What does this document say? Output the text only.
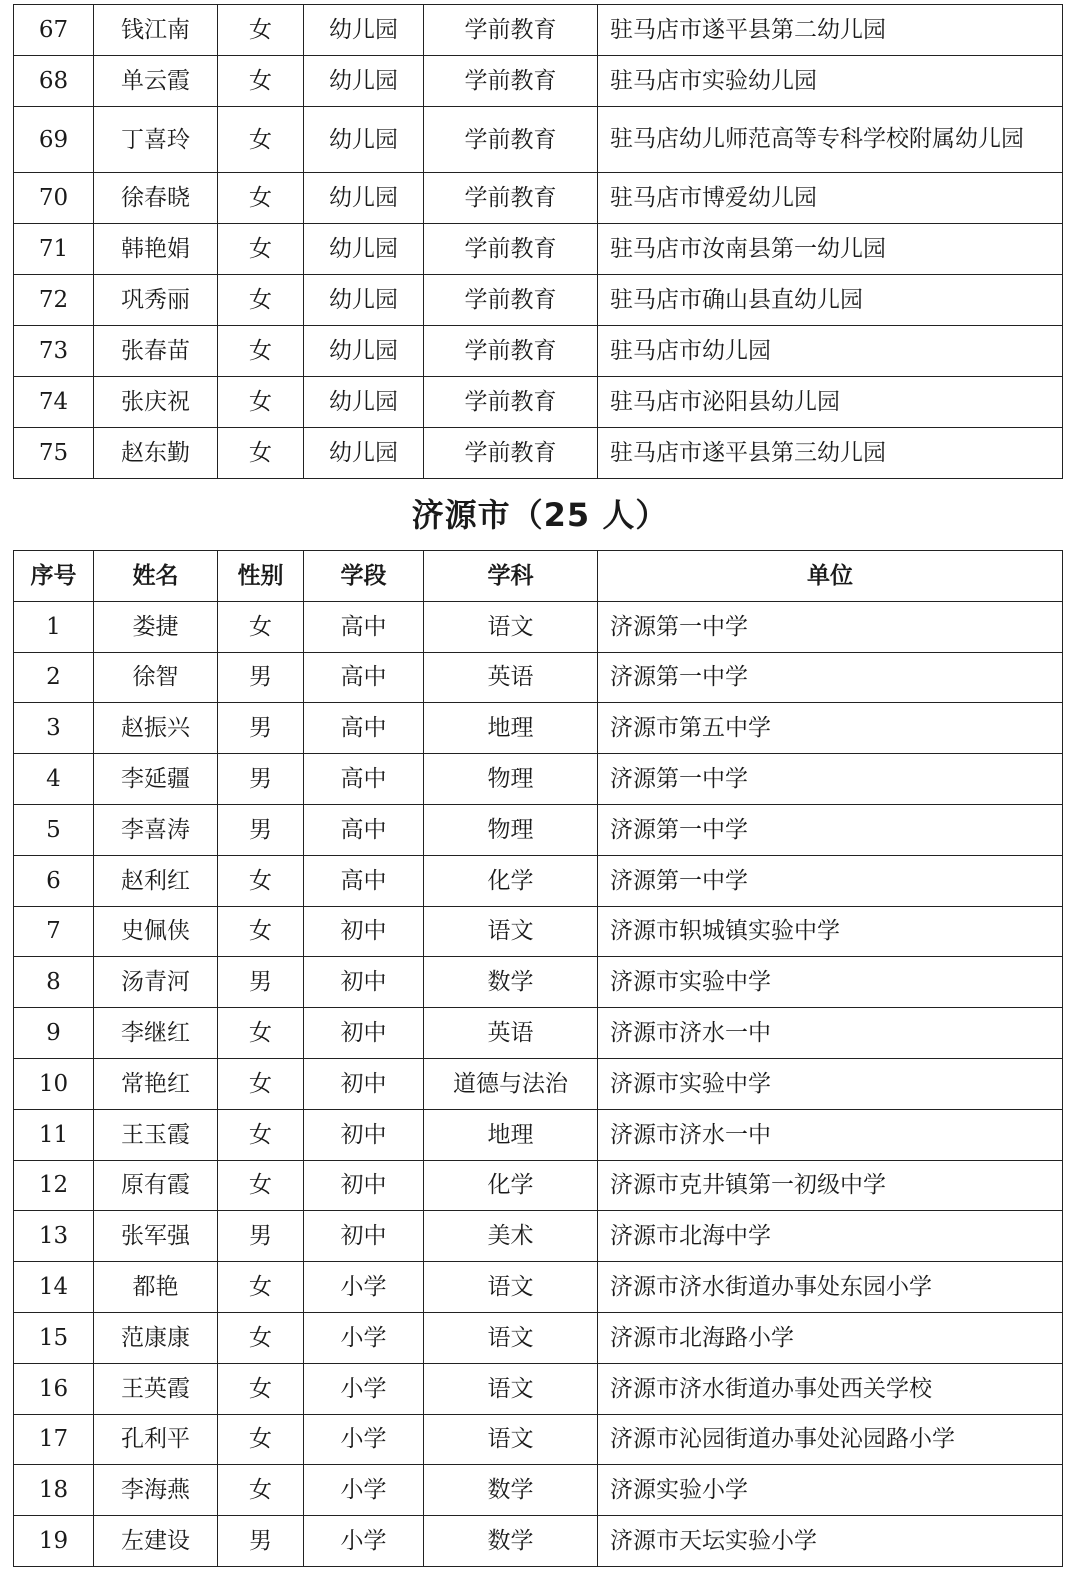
67	钱江南	女	幼儿园	学前教育	驻马店市遂平县第二幼儿园
68	单云霞	女	幼儿园	学前教育	驻马店市实验幼儿园
69	丁喜玲	女	幼儿园	学前教育	驻马店幼儿师范高等专科学校附属幼儿园
70	徐春晓	女	幼儿园	学前教育	驻马店市博爱幼儿园
71	韩艳娟	女	幼儿园	学前教育	驻马店市汝南县第一幼儿园
72	巩秀丽	女	幼儿园	学前教育	驻马店市确山县直幼儿园
73	张春苗	女	幼儿园	学前教育	驻马店市幼儿园
74	张庆祝	女	幼儿园	学前教育	驻马店市泌阳县幼儿园
75	赵东勤	女	幼儿园	学前教育	驻马店市遂平县第三幼儿园
济源市（25 人）
序号	姓名	性别	学段	学科	单位
1	娄捷	女	高中	语文	济源第一中学
2	徐智	男	高中	英语	济源第一中学
3	赵振兴	男	高中	地理	济源市第五中学
4	李延疆	男	高中	物理	济源第一中学
5	李喜涛	男	高中	物理	济源第一中学
6	赵利红	女	高中	化学	济源第一中学
7	史佩侠	女	初中	语文	济源市轵城镇实验中学
8	汤青河	男	初中	数学	济源市实验中学
9	李继红	女	初中	英语	济源市济水一中
10	常艳红	女	初中	道德与法治	济源市实验中学
11	王玉霞	女	初中	地理	济源市济水一中
12	原有霞	女	初中	化学	济源市克井镇第一初级中学
13	张军强	男	初中	美术	济源市北海中学
14	都艳	女	小学	语文	济源市济水街道办事处东园小学
15	范康康	女	小学	语文	济源市北海路小学
16	王英霞	女	小学	语文	济源市济水街道办事处西关学校
17	孔利平	女	小学	语文	济源市沁园街道办事处沁园路小学
18	李海燕	女	小学	数学	济源实验小学
19	左建设	男	小学	数学	济源市天坛实验小学
